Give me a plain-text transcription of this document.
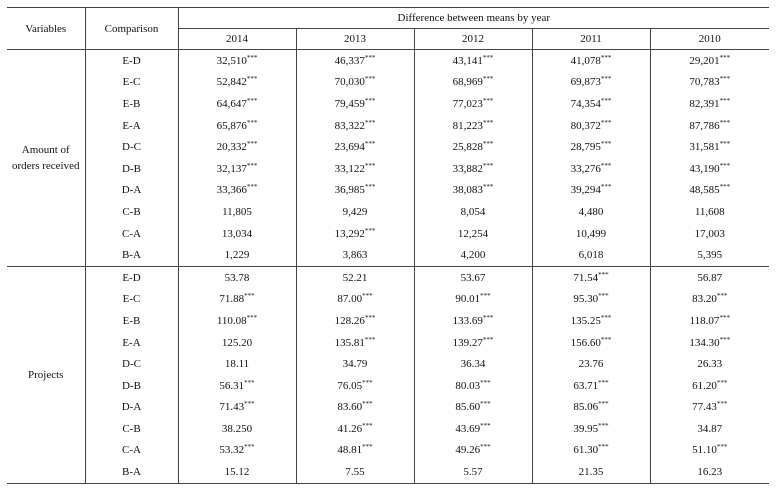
Variables	Comparison	Difference between means by year				
		2014	2013	2012	2011	2010
Amount of orders received	E-D	32,510***	46,337***	43,141***	41,078***	29,201***
	E-C	52,842***	70,030***	68,969***	69,873***	70,783***
	E-B	64,647***	79,459***	77,023***	74,354***	82,391***
	E-A	65,876***	83,322***	81,223***	80,372***	87,786***
	D-C	20,332***	23,694***	25,828***	28,795***	31,581***
	D-B	32,137***	33,122***	33,882***	33,276***	43,190***
	D-A	33,366***	36,985***	38,083***	39,294***	48,585***
	C-B	11,805	9,429	8,054	4,480	11,608
	C-A	13,034	13,292***	12,254	10,499	17,003
	B-A	1,229	3,863	4,200	6,018	5,395
Projects	E-D	53.78	52.21	53.67	71.54***	56.87
	E-C	71.88***	87.00***	90.01***	95.30***	83.20***
	E-B	110.08***	128.26***	133.69***	135.25***	118.07***
	E-A	125.20	135.81***	139.27***	156.60***	134.30***
	D-C	18.11	34.79	36.34	23.76	26.33
	D-B	56.31***	76.05***	80.03***	63.71***	61.20***
	D-A	71.43***	83.60***	85.60***	85.06***	77.43***
	C-B	38.250	41.26***	43.69***	39.95***	34.87
	C-A	53.32***	48.81***	49.26***	61.30***	51.10***
	B-A	15.12	7.55	5.57	21.35	16.23
